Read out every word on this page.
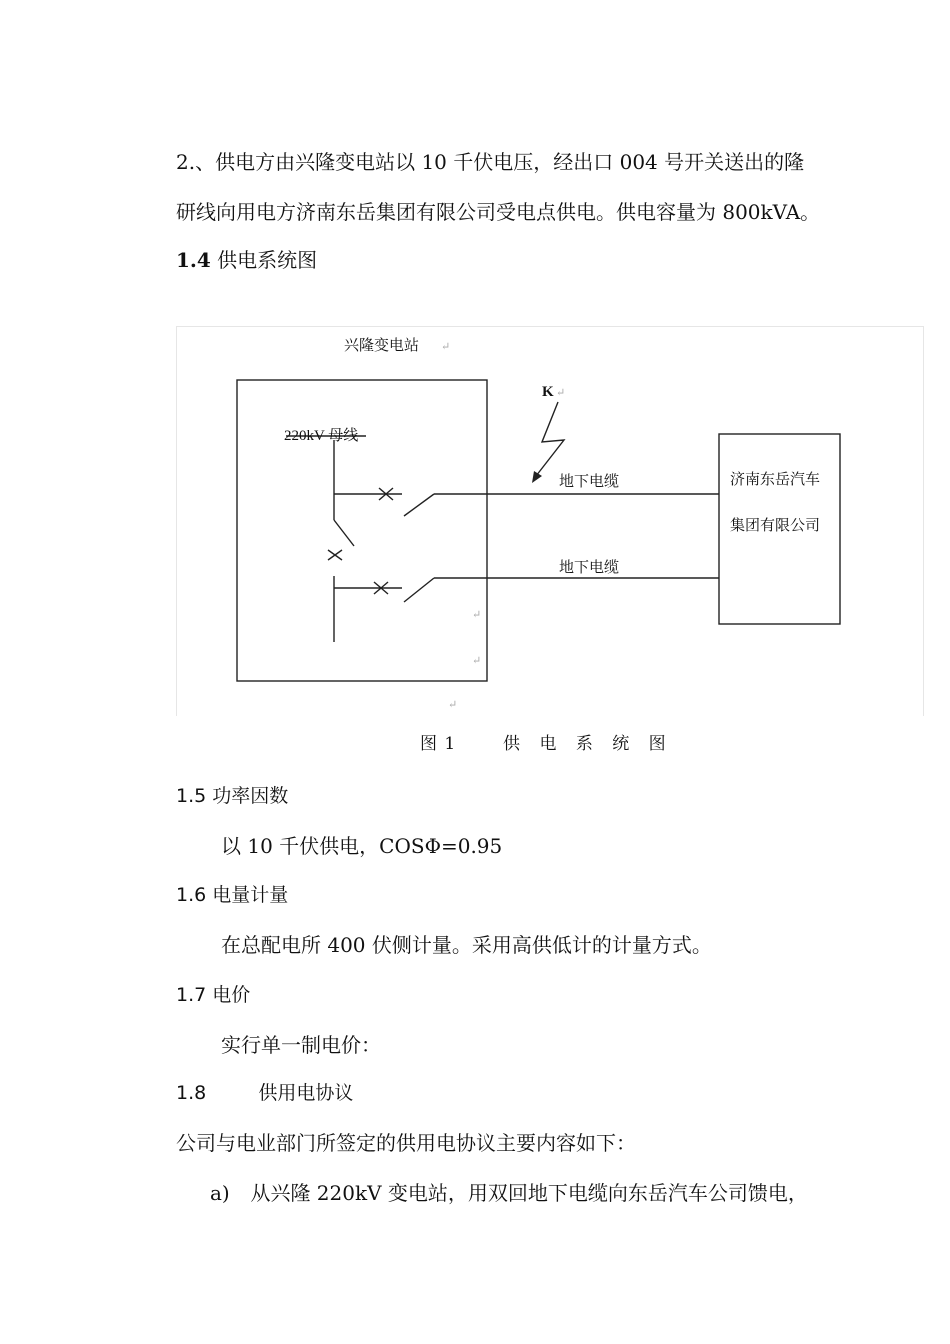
2.、供电方由兴隆变电站以 10 千伏电压，经出口 004 号开关送出的隆
研线向用电方济南东岳集团有限公司受电点供电。供电容量为 800kVA。
1.4 供电系统图
兴隆变电站 ↵
K ↵
220kV 母线
地下电缆
地下电缆
济南东岳汽车
集团有限公司
↵
↵
↵
图 1	供 电 系 统 图
1.5 功率因数
以 10 千伏供电，COSΦ=0.95
1.6 电量计量
在总配电所 400 伏侧计量。采用高供低计的计量方式。
1.7 电价
实行单一制电价：
1.8	供用电协议
公司与电业部门所签定的供用电协议主要内容如下：
a) 从兴隆 220kV 变电站，用双回地下电缆向东岳汽车公司馈电，
